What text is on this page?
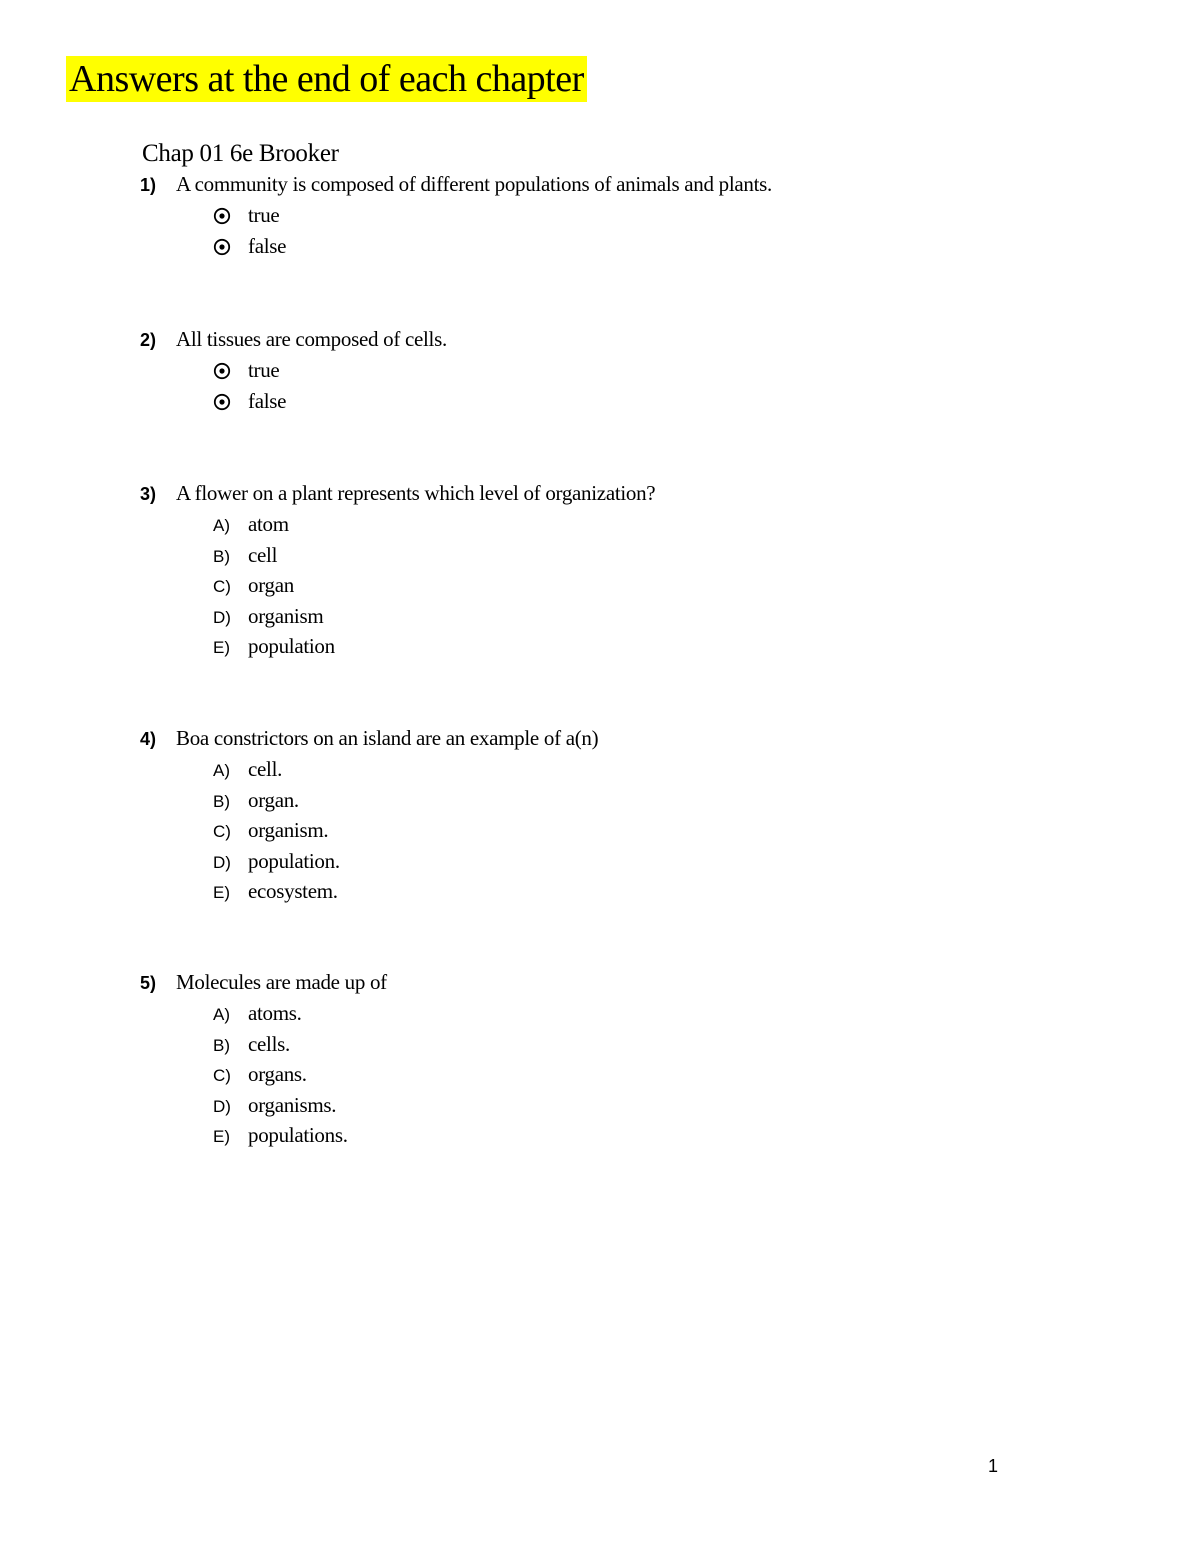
Answers at the end of each chapter
Chap 01 6e Brooker
1) A community is composed of different populations of animals and plants.
true
false
2) All tissues are composed of cells.
true
false
3) A flower on a plant represents which level of organization?
A) atom
B) cell
C) organ
D) organism
E) population
4) Boa constrictors on an island are an example of a(n)
A) cell.
B) organ.
C) organism.
D) population.
E) ecosystem.
5) Molecules are made up of
A) atoms.
B) cells.
C) organs.
D) organisms.
E) populations.
1
